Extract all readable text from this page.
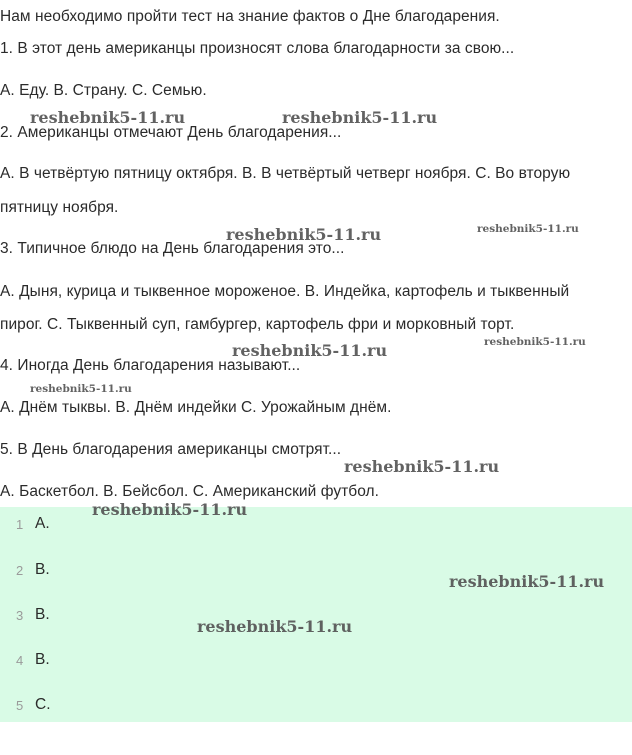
Нам необходимо пройти тест на знание фактов о Дне благодарения.
1. В этот день американцы произносят слова благодарности за свою...
А. Еду. В. Страну. С. Семью.
2. Американцы отмечают День благодарения...
А. В четвёртую пятницу октября. В. В четвёртый четверг ноября. С. Во вторую
пятницу ноября.
3. Типичное блюдо на День благодарения это...
А. Дыня, курица и тыквенное мороженое. В. Индейка, картофель и тыквенный
пирог. С. Тыквенный суп, гамбургер, картофель фри и морковный торт.
4. Иногда День благодарения называют...
А. Днём тыквы. В. Днём индейки С. Урожайным днём.
5. В День благодарения американцы смотрят...
А. Баскетбол. В. Бейсбол. С. Американский футбол.
1 А.
2 В.
3 В.
4 В.
5 С.
reshebnik5-11.ru	reshebnik5-11.ru
reshebnik5-11.ru	reshebnik5-11.ru
reshebnik5-11.ru	reshebnik5-11.ru
reshebnik5-11.ru
reshebnik5-11.ru
reshebnik5-11.ru
reshebnik5-11.ru
reshebnik5-11.ru
